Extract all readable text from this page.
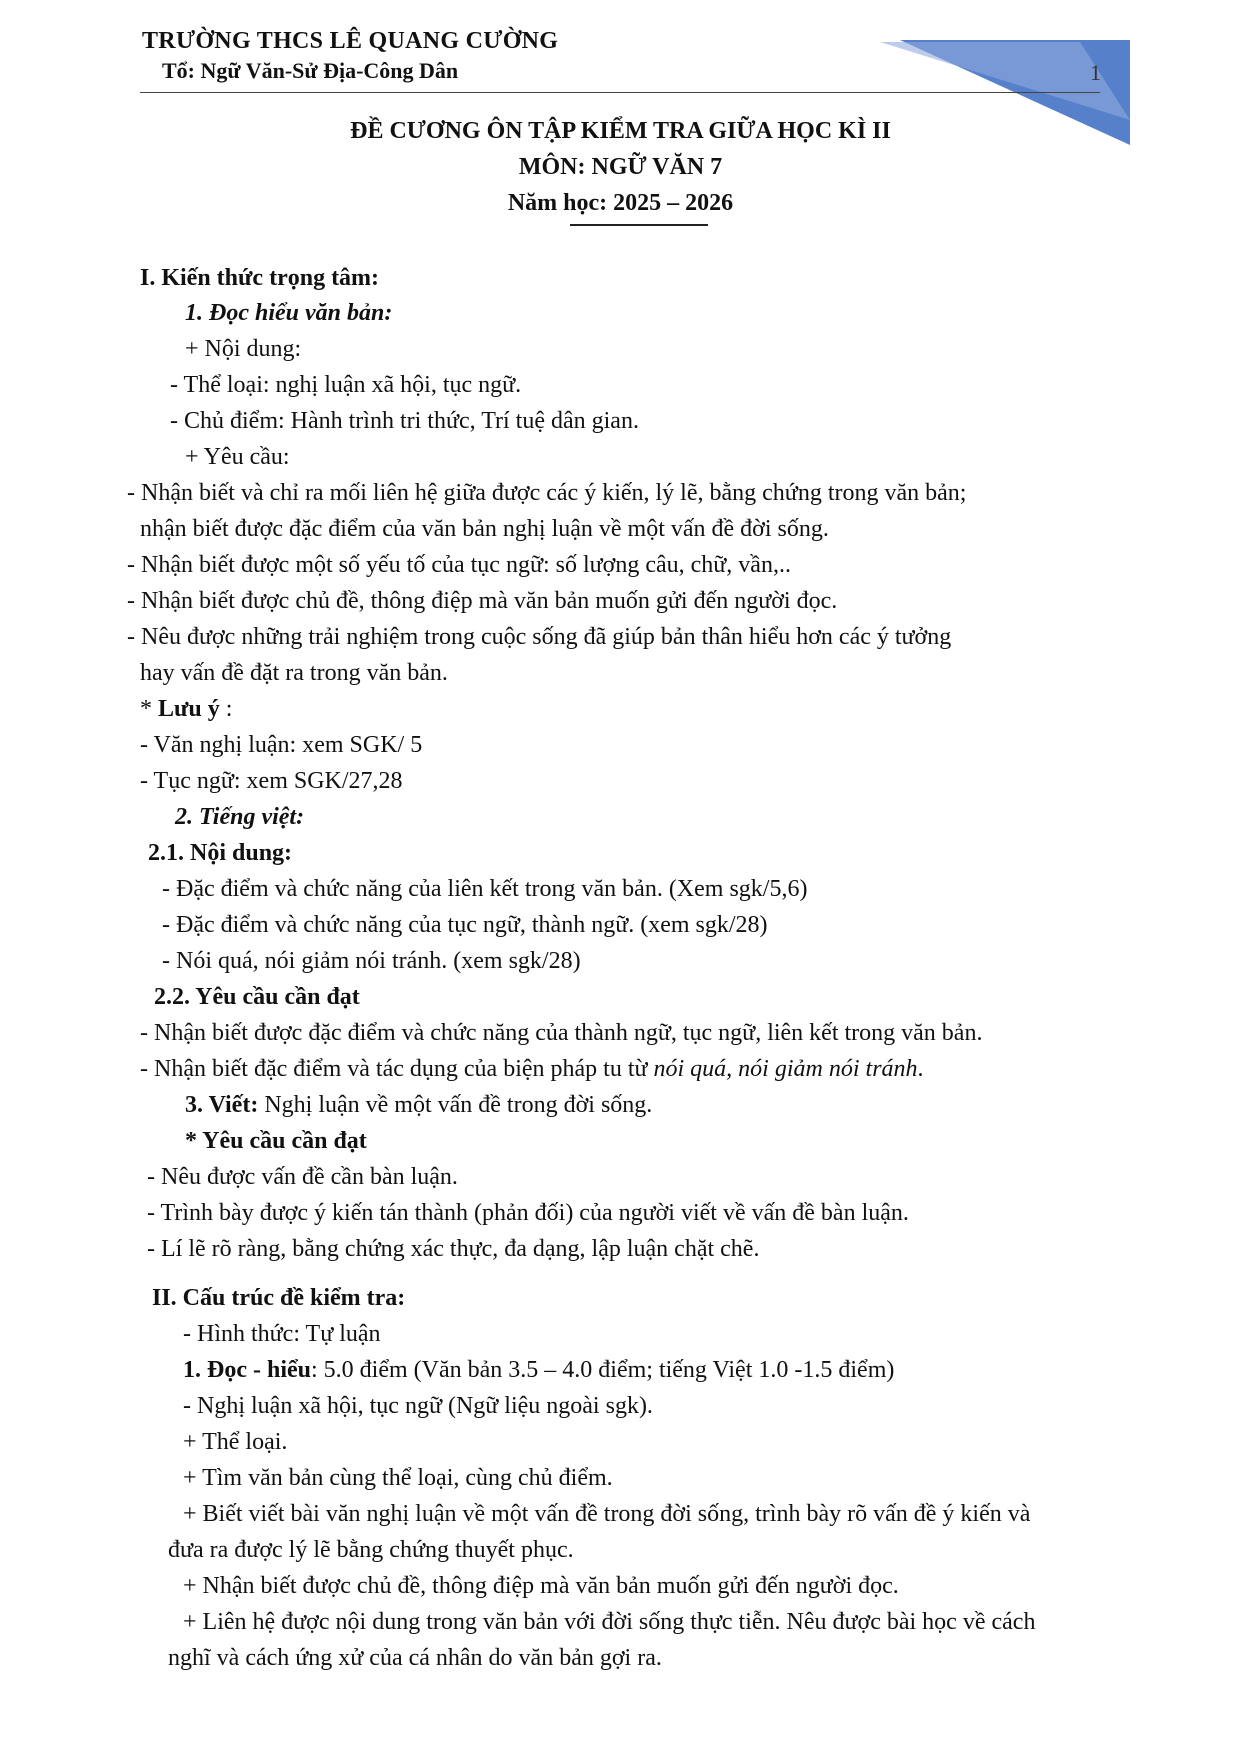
TRƯỜNG THCS LÊ QUANG CƯỜNG
Tổ: Ngữ Văn-Sử Địa-Công Dân	1
ĐỀ CƯƠNG ÔN TẬP KIỂM TRA GIỮA HỌC KÌ II
MÔN: NGỮ VĂN 7
Năm học: 2025 – 2026
I. Kiến thức trọng tâm:
1. Đọc hiểu văn bản:
+ Nội dung:
- Thể loại: nghị luận xã hội, tục ngữ.
- Chủ điểm: Hành trình tri thức, Trí tuệ dân gian.
+ Yêu cầu:
- Nhận biết và chỉ ra mối liên hệ giữa được các ý kiến, lý lẽ, bằng chứng trong văn bản;
nhận biết được đặc điểm của văn bản nghị luận về một vấn đề đời sống.
- Nhận biết được một số yếu tố của tục ngữ: số lượng câu, chữ, vần,..
- Nhận biết được chủ đề, thông điệp mà văn bản muốn gửi đến người đọc.
- Nêu được những trải nghiệm trong cuộc sống đã giúp bản thân hiểu hơn các ý tưởng
hay vấn đề đặt ra trong văn bản.
* Lưu ý :
- Văn nghị luận: xem SGK/ 5
- Tục ngữ: xem SGK/27,28
2. Tiếng việt:
2.1. Nội dung:
- Đặc điểm và chức năng của liên kết trong văn bản. (Xem sgk/5,6)
- Đặc điểm và chức năng của tục ngữ, thành ngữ. (xem sgk/28)
- Nói quá, nói giảm nói tránh. (xem sgk/28)
2.2. Yêu cầu cần đạt
- Nhận biết được đặc điểm và chức năng của thành ngữ, tục ngữ, liên kết trong văn bản.
- Nhận biết đặc điểm và tác dụng của biện pháp tu từ nói quá, nói giảm nói tránh.
3. Viết: Nghị luận về một vấn đề trong đời sống.
* Yêu cầu cần đạt
- Nêu được vấn đề cần bàn luận.
- Trình bày được ý kiến tán thành (phản đối) của người viết về vấn đề bàn luận.
- Lí lẽ rõ ràng, bằng chứng xác thực, đa dạng, lập luận chặt chẽ.
II. Cấu trúc đề kiểm tra:
- Hình thức: Tự luận
1. Đọc - hiểu: 5.0 điểm (Văn bản 3.5 – 4.0 điểm; tiếng Việt 1.0 -1.5 điểm)
- Nghị luận xã hội, tục ngữ (Ngữ liệu ngoài sgk).
+ Thể loại.
+ Tìm văn bản cùng thể loại, cùng chủ điểm.
+ Biết viết bài văn nghị luận về một vấn đề trong đời sống, trình bày rõ vấn đề ý kiến và
đưa ra được lý lẽ bằng chứng thuyết phục.
+ Nhận biết được chủ đề, thông điệp mà văn bản muốn gửi đến người đọc.
+ Liên hệ được nội dung trong văn bản với đời sống thực tiễn. Nêu được bài học về cách
nghĩ và cách ứng xử của cá nhân do văn bản gợi ra.
